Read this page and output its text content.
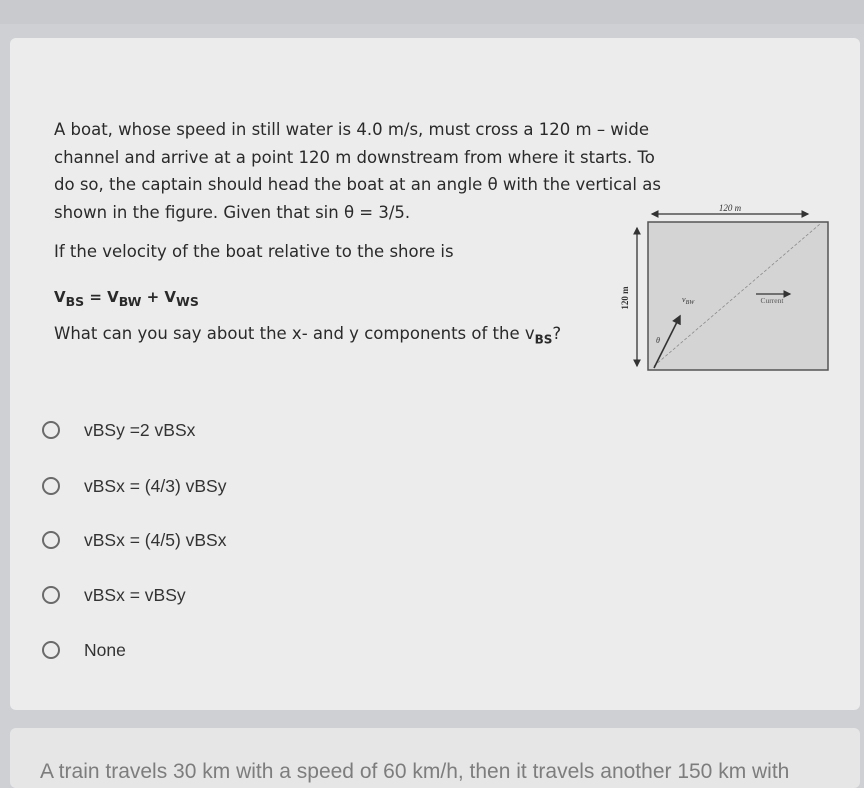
A boat, whose speed in still water is 4.0 m/s, must cross a 120 m – wide channel and arrive at a point 120 m downstream from where it starts. To do so, the captain should head the boat at an angle θ with the vertical as shown in the figure. Given that sin θ = 3/5.
If the velocity of the boat relative to the shore is
$V_{BS} = V_{BW} + V_{WS}$
What can you say about the x- and y components of the $v_{BS}$?
120 m
120 m	$v_{BW}$	Current
θ
vBSy =2 vBSx
vBSx = (4/3) vBSy
vBSx = (4/5) vBSx
vBSx = vBSy
None
A train travels 30 km with a speed of 60 km/h, then it travels another 150 km with
